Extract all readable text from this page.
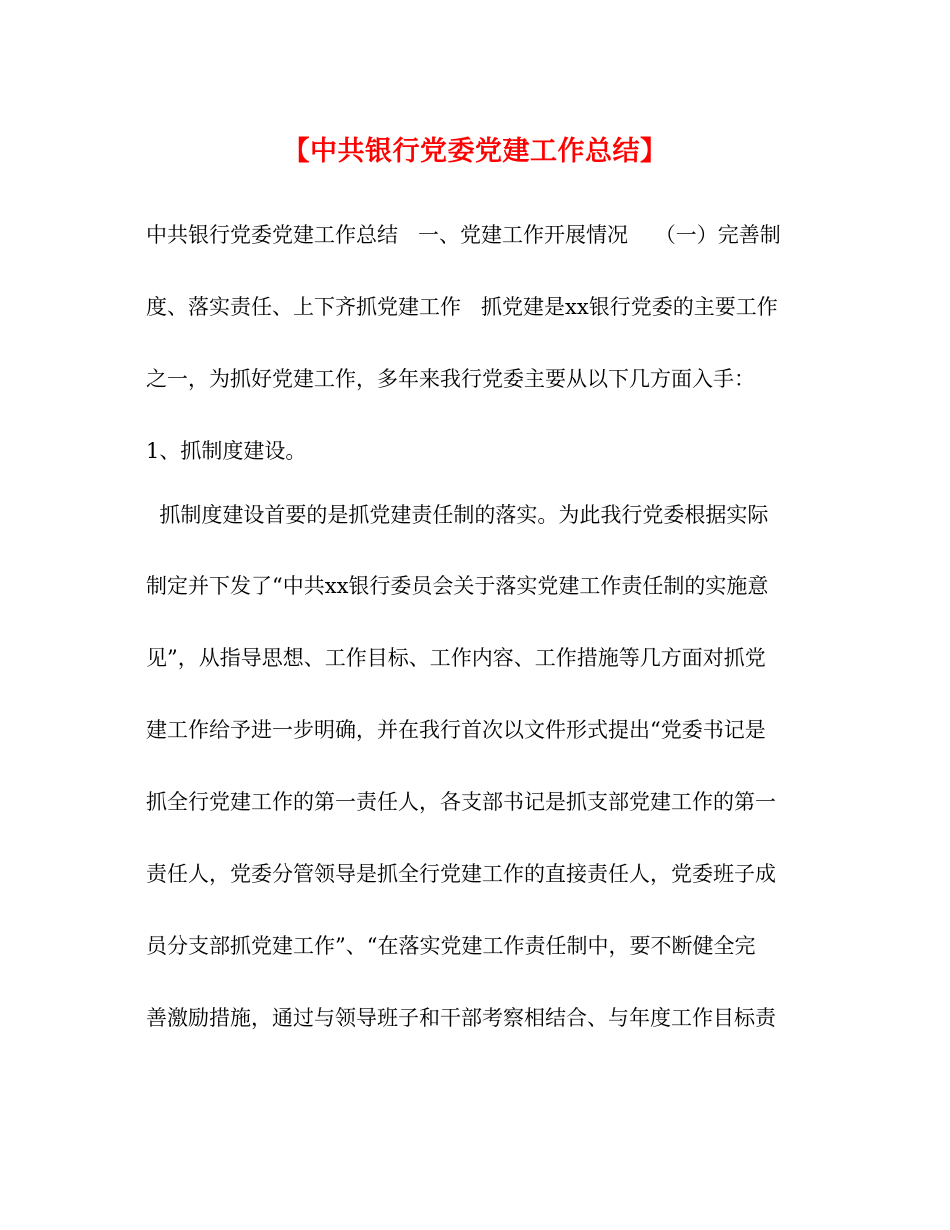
【中共银行党委党建工作总结】
中共银行党委党建工作总结   一、党建工作开展情况    （一）完善制
度、落实责任、上下齐抓党建工作   抓党建是xx银行党委的主要工作
之一，为抓好党建工作，多年来我行党委主要从以下几方面入手：
1、抓制度建设。
抓制度建设首要的是抓党建责任制的落实。为此我行党委根据实际
制定并下发了“中共xx银行委员会关于落实党建工作责任制的实施意
见”，从指导思想、工作目标、工作内容、工作措施等几方面对抓党
建工作给予进一步明确，并在我行首次以文件形式提出“党委书记是
抓全行党建工作的第一责任人，各支部书记是抓支部党建工作的第一
责任人，党委分管领导是抓全行党建工作的直接责任人，党委班子成
员分支部抓党建工作”、“在落实党建工作责任制中，要不断健全完
善激励措施，通过与领导班子和干部考察相结合、与年度工作目标责
